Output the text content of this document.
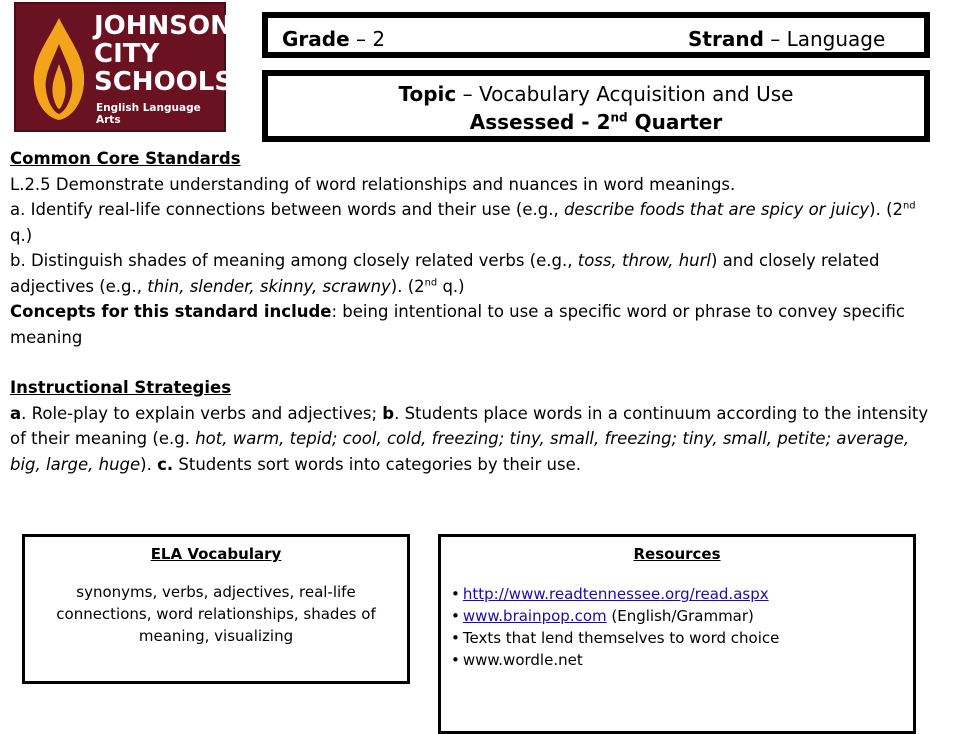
JOHNSON
CITY
SCHOOLS
English Language Arts
Grade – 2	Strand – Language
Topic – Vocabulary Acquisition and Use
Assessed - 2nd Quarter

Common Core Standards

L.2.5 Demonstrate understanding of word relationships and nuances in word meanings.

a. Identify real-life connections between words and their use (e.g., describe foods that are spicy or juicy). (2nd q.)

b. Distinguish shades of meaning among closely related verbs (e.g., toss, throw, hurl) and closely related adjectives (e.g., thin, slender, skinny, scrawny). (2nd q.)

Concepts for this standard include: being intentional to use a specific word or phrase to convey specific meaning

Instructional Strategies

a. Role-play to explain verbs and adjectives; b. Students place words in a continuum according to the intensity of their meaning (e.g. hot, warm, tepid; cool, cold, freezing; tiny, small, freezing; tiny, small, petite; average, big, large, huge). c. Students sort words into categories by their use.

ELA Vocabulary
synonyms, verbs, adjectives, real-life connections, word relationships, shades of meaning, visualizing
Resources
• http://www.readtennessee.org/read.aspx
• www.brainpop.com (English/Grammar)
• Texts that lend themselves to word choice
• www.wordle.net
